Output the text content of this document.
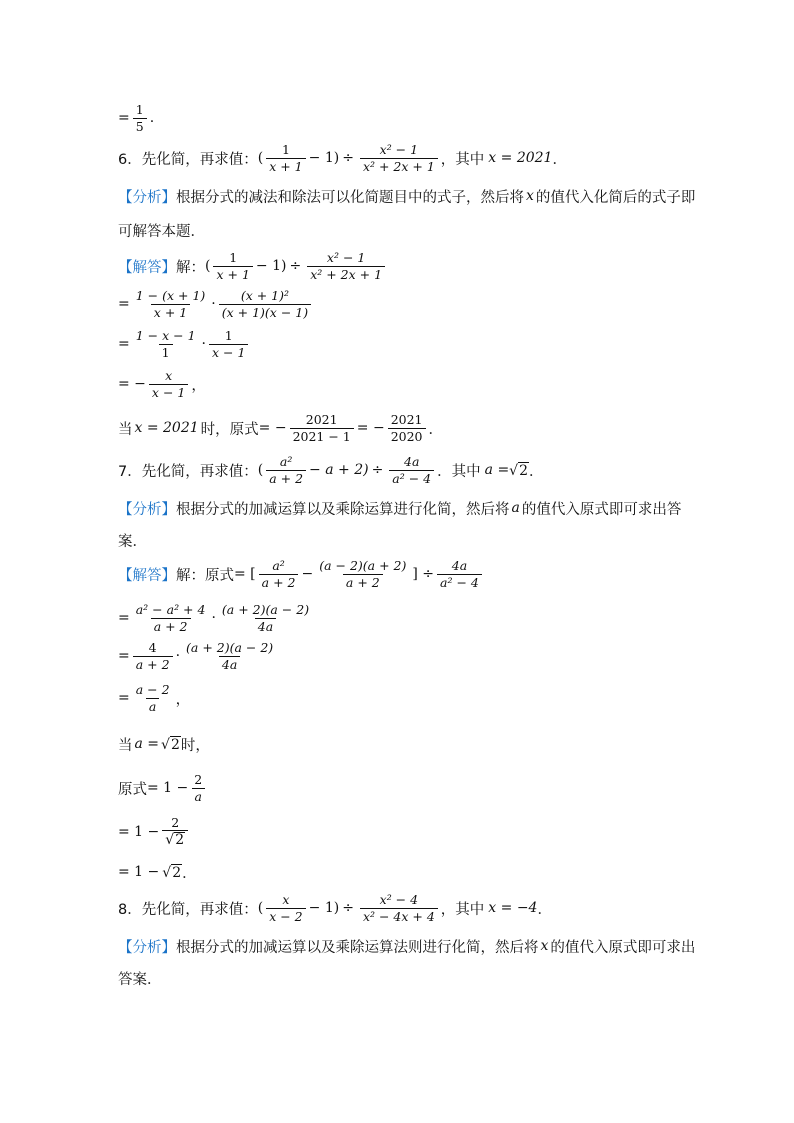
= $\frac{1}{5}$ .
6．先化简，再求值： ( $\frac{1}{x + 1} - 1) \div \frac{\text{x² − 1}}{\text{x² + 2x + 1}}$ ，其中 x = 2021 ．
【分析】 根据分式的减法和除法可以化简题目中的式子，然后将 x 的值代入化简后的式子即
可解答本题．
【解答】 解： ( $\frac{1}{x + 1} - 1) \div \frac{\text{x² − 1}}{\text{x² + 2x + 1}}$
= $\frac{1 - (x + 1)}{x + 1} \cdot \frac{\text{(x + 1)²}}{(x + 1)(x - 1)}$
= $\frac{1 - x - 1}{1} \cdot \frac{1}{x - 1}$
= − $\frac{x}{x - 1}$ ，
当 x = 2021 时，原式 = − $\frac{2021}{2021 - 1}$ = − $\frac{2021}{2020}$ ．
7．先化简，再求值： ( $\frac{\text{a²}}{a + 2} - a + 2) \div \frac{4a}{\text{a² − 4}}$ ．其中 a = √ 2 ．
【分析】 根据分式的加减运算以及乘除运算进行化简，然后将 a 的值代入原式即可求出答
案．
【解答】 解：原式 = [ $\frac{\text{a²}}{a + 2} - \frac{(a - 2)(a + 2)}{a + 2}$ ] ÷ $\frac{4a}{\text{a² − 4}}$
= $\frac{\text{a² − a² + 4}}{a + 2} \cdot \frac{(a + 2)(a - 2)}{4a}$
= $\frac{4}{a + 2} \cdot \frac{(a + 2)(a - 2)}{4a}$
= $\frac{a - 2}{a}$ ，
当 a = √ 2 时，
原式 = $1 - \frac{2}{a}$
= $1 - \frac{2}{√ 2}$
= 1 − √ 2 ．
8．先化简，再求值： ( $\frac{x}{x - 2} - 1) \div \frac{\text{x² − 4}}{\text{x² − 4x + 4}}$ ，其中 x = −4 ．
【分析】 根据分式的加减运算以及乘除运算法则进行化简，然后将 x 的值代入原式即可求出
答案．
